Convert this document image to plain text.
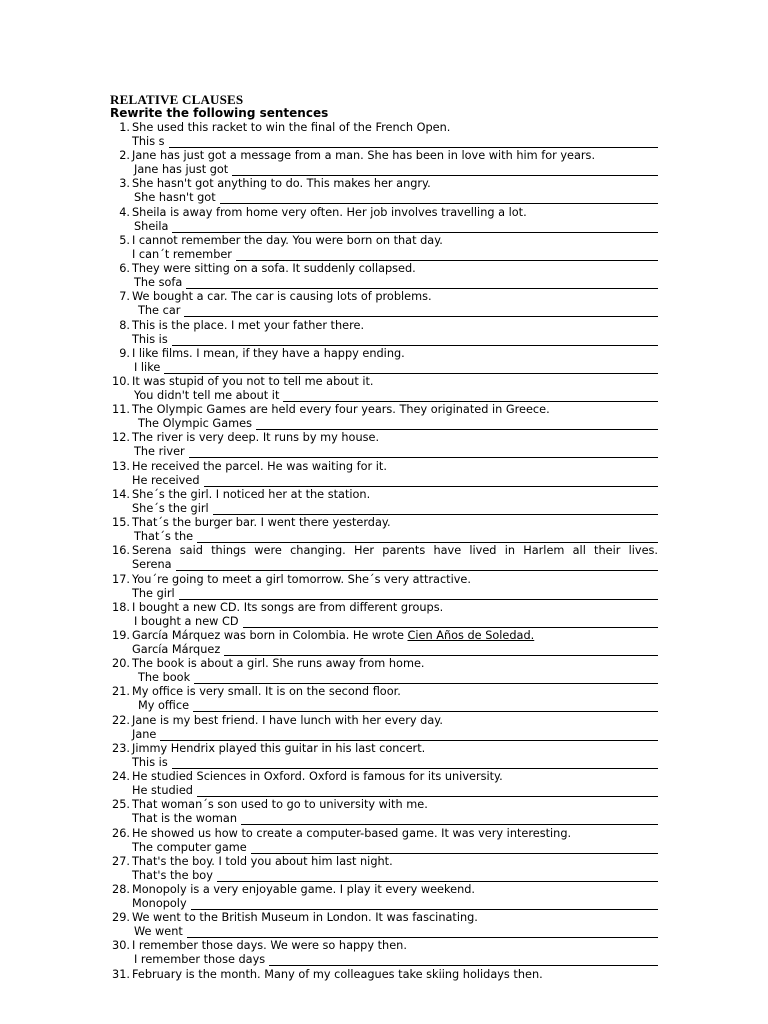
RELATIVE CLAUSES
Rewrite the following sentences
1. She used this racket to win the final of the French Open.
This s
2. Jane has just got a message from a man. She has been in love with him for years.
Jane has just got
3. She hasn't got anything to do. This makes her angry.
She hasn't got
4. Sheila is away from home very often. Her job involves travelling a lot.
Sheila
5. I cannot remember the day. You were born on that day.
I can´t remember
6. They were sitting on a sofa. It suddenly collapsed.
The sofa
7. We bought a car. The car is causing lots of problems.
The car
8. This is the place. I met your father there.
This is
9. I like films. I mean, if they have a happy ending.
I like
10. It was stupid of you not to tell me about it.
You didn't tell me about it
11. The Olympic Games are held every four years. They originated in Greece.
The Olympic Games
12. The river is very deep. It runs by my house.
The river
13. He received the parcel. He was waiting for it.
He received
14. She´s the girl. I noticed her at the station.
She´s the girl
15. That´s the burger bar. I went there yesterday.
That´s the
16. Serena said things were changing. Her parents have lived in Harlem all their lives.
Serena
17. You´re going to meet a girl tomorrow. She´s very attractive.
The girl
18. I bought a new CD. Its songs are from different groups.
I bought a new CD
19. García Márquez was born in Colombia. He wrote Cien Años de Soledad.
García Márquez
20. The book is about a girl. She runs away from home.
The book
21. My office is very small. It is on the second floor.
My office
22. Jane is my best friend. I have lunch with her every day.
Jane
23. Jimmy Hendrix played this guitar in his last concert.
This is
24. He studied Sciences in Oxford. Oxford is famous for its university.
He studied
25. That woman´s son used to go to university with me.
That is the woman
26. He showed us how to create a computer-based game. It was very interesting.
The computer game
27. That's the boy. I told you about him last night.
That's the boy
28. Monopoly is a very enjoyable game. I play it every weekend.
Monopoly
29. We went to the British Museum in London. It was fascinating.
We went
30. I remember those days. We were so happy then.
I remember those days
31. February is the month. Many of my colleagues take skiing holidays then.
